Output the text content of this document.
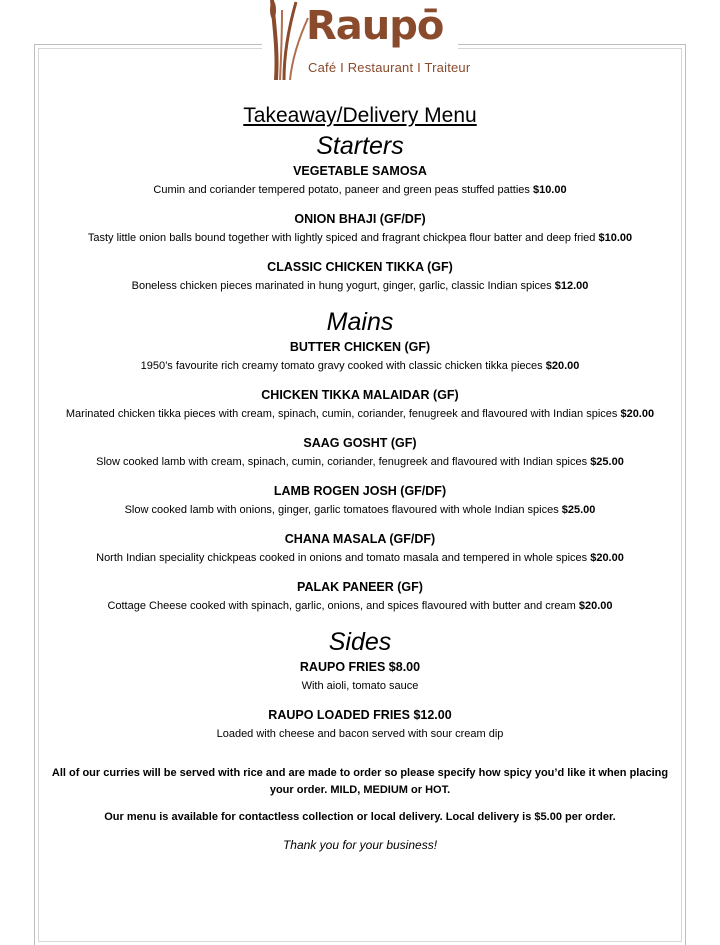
Raupō
Café I Restaurant I Traiteur
Takeaway/Delivery Menu
Starters
VEGETABLE SAMOSA
Cumin and coriander tempered potato, paneer and green peas stuffed patties $10.00
ONION BHAJI (GF/DF)
Tasty little onion balls bound together with lightly spiced and fragrant chickpea flour batter and deep fried $10.00
CLASSIC CHICKEN TIKKA (GF)
Boneless chicken pieces marinated in hung yogurt, ginger, garlic, classic Indian spices $12.00
Mains
BUTTER CHICKEN (GF)
1950’s favourite rich creamy tomato gravy cooked with classic chicken tikka pieces $20.00
CHICKEN TIKKA MALAIDAR (GF)
Marinated chicken tikka pieces with cream, spinach, cumin, coriander, fenugreek and flavoured with Indian spices $20.00
SAAG GOSHT (GF)
Slow cooked lamb with cream, spinach, cumin, coriander, fenugreek and flavoured with Indian spices $25.00
LAMB ROGEN JOSH (GF/DF)
Slow cooked lamb with onions, ginger, garlic tomatoes flavoured with whole Indian spices $25.00
CHANA MASALA (GF/DF)
North Indian speciality chickpeas cooked in onions and tomato masala and tempered in whole spices $20.00
PALAK PANEER (GF)
Cottage Cheese cooked with spinach, garlic, onions, and spices flavoured with butter and cream $20.00
Sides
RAUPO FRIES $8.00
With aioli, tomato sauce
RAUPO LOADED FRIES $12.00
Loaded with cheese and bacon served with sour cream dip
All of our curries will be served with rice and are made to order so please specify how spicy you’d like it when placing your order. MILD, MEDIUM or HOT.
Our menu is available for contactless collection or local delivery. Local delivery is $5.00 per order.
Thank you for your business!
